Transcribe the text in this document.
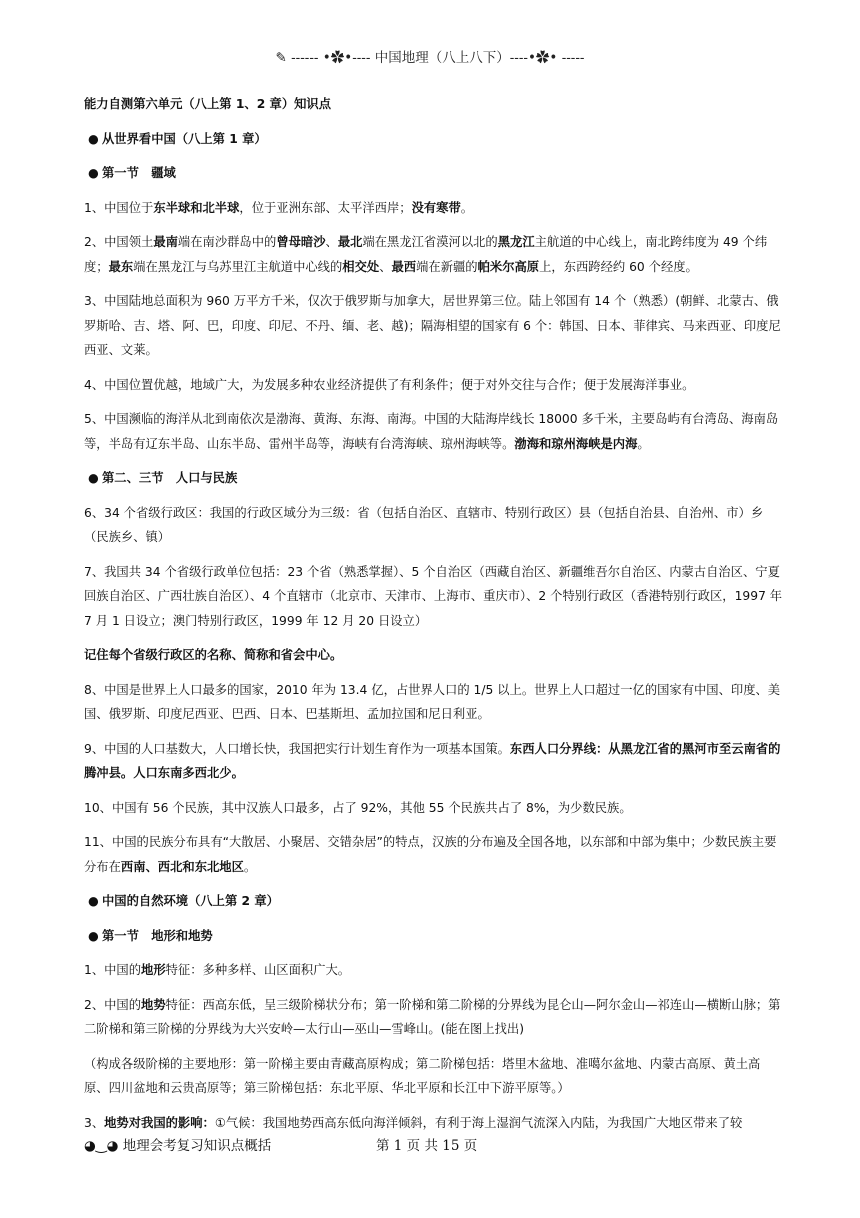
✎ ------ •✿•---- 中国地理（八上八下）----•✿• -----
能力自测第六单元（八上第 1、2 章）知识点
● 从世界看中国（八上第 1 章）
● 第一节　疆域

1、中国位于东半球和北半球，位于亚洲东部、太平洋西岸；没有寒带。

2、中国领土最南端在南沙群岛中的曾母暗沙、最北端在黑龙江省漠河以北的黑龙江主航道的中心线上，南北跨纬度为 49 个纬度；最东端在黑龙江与乌苏里江主航道中心线的相交处、最西端在新疆的帕米尔高原上，东西跨经约 60 个经度。

3、中国陆地总面积为 960 万平方千米，仅次于俄罗斯与加拿大，居世界第三位。陆上邻国有 14 个（熟悉）(朝鲜、北蒙古、俄罗斯哈、吉、塔、阿、巴，印度、印尼、不丹、缅、老、越)；隔海相望的国家有 6 个：韩国、日本、菲律宾、马来西亚、印度尼西亚、文莱。

4、中国位置优越，地域广大，为发展多种农业经济提供了有利条件；便于对外交往与合作；便于发展海洋事业。

5、中国濒临的海洋从北到南依次是渤海、黄海、东海、南海。中国的大陆海岸线长 18000 多千米，主要岛屿有台湾岛、海南岛等，半岛有辽东半岛、山东半岛、雷州半岛等，海峡有台湾海峡、琼州海峡等。渤海和琼州海峡是内海。

● 第二、三节　人口与民族

6、34 个省级行政区：我国的行政区域分为三级：省（包括自治区、直辖市、特别行政区）县（包括自治县、自治州、市）乡（民族乡、镇）

7、我国共 34 个省级行政单位包括：23 个省（熟悉掌握）、5 个自治区（西藏自治区、新疆维吾尔自治区、内蒙古自治区、宁夏回族自治区、广西壮族自治区）、4 个直辖市（北京市、天津市、上海市、重庆市）、2 个特别行政区（香港特别行政区，1997 年 7 月 1 日设立；澳门特别行政区，1999 年 12 月 20 日设立）

记住每个省级行政区的名称、简称和省会中心。

8、中国是世界上人口最多的国家，2010 年为 13.4 亿，占世界人口的 1/5 以上。世界上人口超过一亿的国家有中国、印度、美国、俄罗斯、印度尼西亚、巴西、日本、巴基斯坦、孟加拉国和尼日利亚。

9、中国的人口基数大，人口增长快，我国把实行计划生育作为一项基本国策。东西人口分界线：从黑龙江省的黑河市至云南省的腾冲县。人口东南多西北少。

10、中国有 56 个民族，其中汉族人口最多，占了 92%，其他 55 个民族共占了 8%，为少数民族。

11、中国的民族分布具有“大散居、小聚居、交错杂居”的特点，汉族的分布遍及全国各地，以东部和中部为集中；少数民族主要分布在西南、西北和东北地区。

● 中国的自然环境（八上第 2 章）
● 第一节　地形和地势

1、中国的地形特征：多种多样、山区面积广大。

2、中国的地势特征：西高东低，呈三级阶梯状分布；第一阶梯和第二阶梯的分界线为昆仑山—阿尔金山—祁连山—横断山脉；第二阶梯和第三阶梯的分界线为大兴安岭—太行山—巫山—雪峰山。(能在图上找出)

（构成各级阶梯的主要地形：第一阶梯主要由青藏高原构成；第二阶梯包括：塔里木盆地、准噶尔盆地、内蒙古高原、黄土高原、四川盆地和云贵高原等；第三阶梯包括：东北平原、华北平原和长江中下游平原等。）

3、地势对我国的影响：①气候：我国地势西高东低向海洋倾斜，有利于海上湿润气流深入内陆，为我国广大地区带来了较

◕‿◕ 地理会考复习知识点概括	第 1 页 共 15 页
